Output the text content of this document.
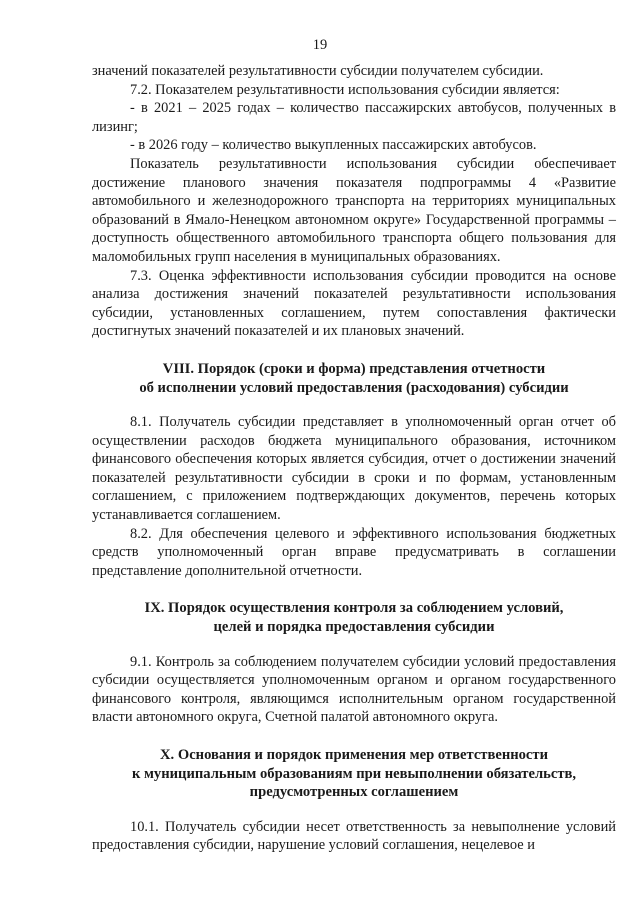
19

значений показателей результативности субсидии получателем субсидии.

7.2. Показателем результативности использования субсидии является:

- в 2021 – 2025 годах – количество пассажирских автобусов, полученных в лизинг;

- в 2026 году – количество выкупленных пассажирских автобусов.

Показатель результативности использования субсидии обеспечивает достижение планового значения показателя подпрограммы 4 «Развитие автомобильного и железнодорожного транспорта на территориях муниципальных образований в Ямало-Ненецком автономном округе» Государственной программы – доступность общественного автомобильного транспорта общего пользования для маломобильных групп населения в муниципальных образованиях.

7.3. Оценка эффективности использования субсидии проводится на основе анализа достижения значений показателей результативности использования субсидии, установленных соглашением, путем сопоставления фактически достигнутых значений показателей и их плановых значений.

VIII. Порядок (сроки и форма) представления отчетности
об исполнении условий предоставления (расходования) субсидии

8.1. Получатель субсидии представляет в уполномоченный орган отчет об осуществлении расходов бюджета муниципального образования, источником финансового обеспечения которых является субсидия, отчет о достижении значений показателей результативности субсидии в сроки и по формам, установленным соглашением, с приложением подтверждающих документов, перечень которых устанавливается соглашением.

8.2. Для обеспечения целевого и эффективного использования бюджетных средств уполномоченный орган вправе предусматривать в соглашении представление дополнительной отчетности.

IX. Порядок осуществления контроля за соблюдением условий,
целей и порядка предоставления субсидии

9.1. Контроль за соблюдением получателем субсидии условий предоставления субсидии осуществляется уполномоченным органом и органом государственного финансового контроля, являющимся исполнительным органом государственной власти автономного округа, Счетной палатой автономного округа.

X. Основания и порядок применения мер ответственности
к муниципальным образованиям при невыполнении обязательств,
предусмотренных соглашением

10.1. Получатель субсидии несет ответственность за невыполнение условий предоставления субсидии, нарушение условий соглашения, нецелевое и
